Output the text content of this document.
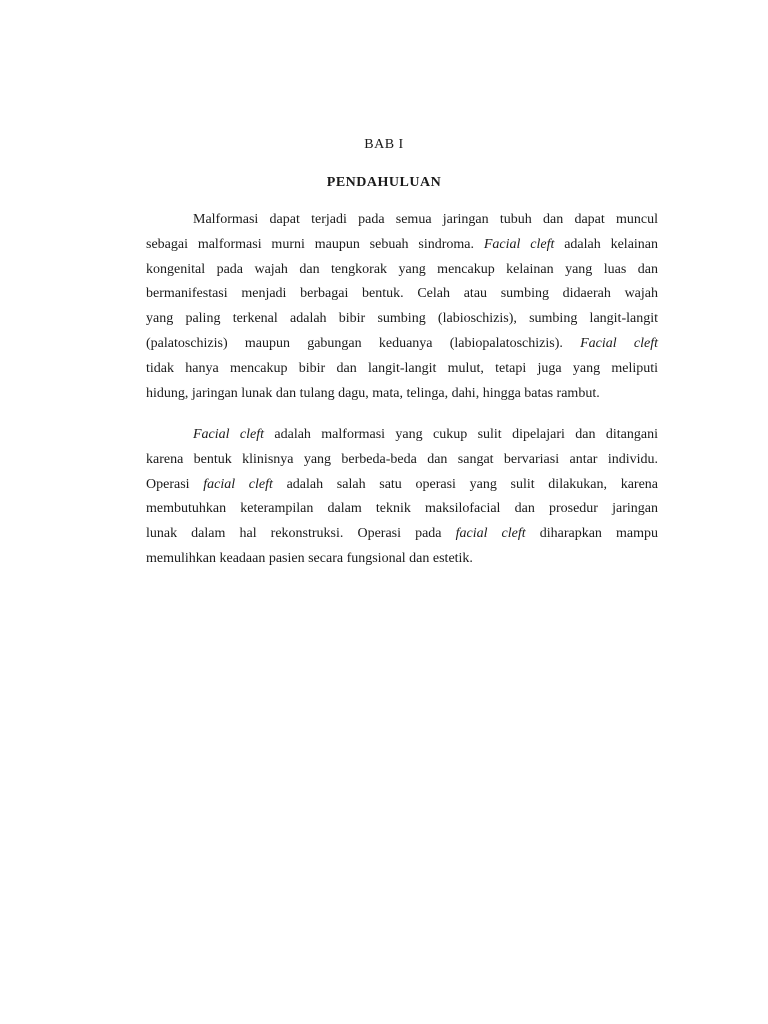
BAB I
PENDAHULUAN
Malformasi dapat terjadi pada semua jaringan tubuh dan dapat muncul
sebagai malformasi murni maupun sebuah sindroma. Facial cleft adalah kelainan
kongenital pada wajah dan tengkorak yang mencakup kelainan yang luas dan
bermanifestasi menjadi berbagai bentuk. Celah atau sumbing didaerah wajah
yang paling terkenal adalah bibir sumbing (labioschizis), sumbing langit-langit
(palatoschizis) maupun gabungan keduanya (labiopalatoschizis). Facial cleft
tidak hanya mencakup bibir dan langit-langit mulut, tetapi juga yang meliputi
hidung, jaringan lunak dan tulang dagu, mata, telinga, dahi, hingga batas rambut.
Facial cleft adalah malformasi yang cukup sulit dipelajari dan ditangani
karena bentuk klinisnya yang berbeda-beda dan sangat bervariasi antar individu.
Operasi facial cleft adalah salah satu operasi yang sulit dilakukan, karena
membutuhkan keterampilan dalam teknik maksilofacial dan prosedur jaringan
lunak dalam hal rekonstruksi. Operasi pada facial cleft diharapkan mampu
memulihkan keadaan pasien secara fungsional dan estetik.
